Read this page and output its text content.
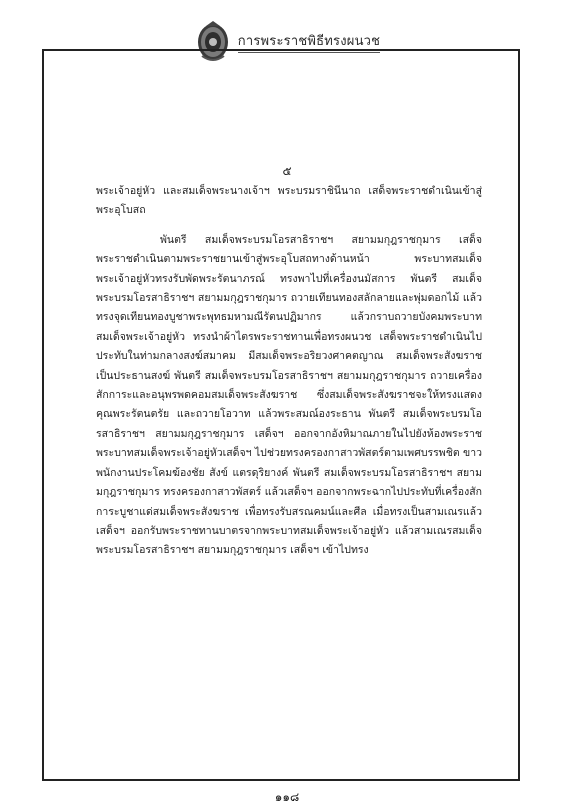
การพระราชพิธีทรงผนวช
๕

พระเจ้าอยู่หัว และสมเด็จพระนางเจ้าฯ พระบรมราชินีนาถ เสด็จพระราชดำเนินเข้าสู่พระอุโบสถ

พันตรี สมเด็จพระบรมโอรสาธิราชฯ สยามมกุฎราชกุมาร เสด็จพระราชดำเนินตามพระราชยานเข้าสู่พระอุโบสถทางด้านหน้า พระบาทสมเด็จพระเจ้าอยู่หัวทรงรับพัดพระรัตนาภรณ์ ทรงพาไปที่เครื่องนมัสการ พันตรี สมเด็จพระบรมโอรสาธิราชฯ สยามมกุฎราชกุมาร ถวายเทียนทองสลักลายและพุ่มดอกไม้ แล้วทรงจุดเทียนทองบูชาพระพุทธมหามณีรัตนปฏิมากร แล้วกราบถวายบังคมพระบาทสมเด็จพระเจ้าอยู่หัว ทรงนำผ้าไตรพระราชทานเพื่อทรงผนวช เสด็จพระราชดำเนินไปประทับในท่ามกลางสงฆ์สมาคม มีสมเด็จพระอริยวงศาคตญาณ สมเด็จพระสังฆราช เป็นประธานสงฆ์ พันตรี สมเด็จพระบรมโอรสาธิราชฯ สยามมกุฎราชกุมาร ถวายเครื่องสักการะและอนุพรพดคอมสมเด็จพระสังฆราช ซึ่งสมเด็จพระสังฆราชจะให้ทรงแสดงคุณพระรัตนตรัย และถวายโอวาท แล้วพระสมณ์องระธาน พันตรี สมเด็จพระบรมโอรสาธิราชฯ สยามมกุฎราชกุมาร เสด็จฯ ออกจากอังหิมาณภายในไปยังห้องพระราช พระบาทสมเด็จพระเจ้าอยู่หัวเสด็จฯ ไปช่วยทรงครองกาสาวพัสตร์ตามเพศบรรพชิต ขาวพนักงานประโคมฆ้องชัย สังข์ แตรดุริยางค์ พันตรี สมเด็จพระบรมโอรสาธิราชฯ สยามมกุฎราชกุมาร ทรงครองกาสาวพัสตร์ แล้วเสด็จฯ ออกจากพระฉากไปประทับที่เครื่องสักการะบูชาแด่สมเด็จพระสังฆราช เพื่อทรงรับสรณคมน์และศีล เมื่อทรงเป็นสามเณรแล้ว เสด็จฯ ออกรับพระราชทานบาตรจากพระบาทสมเด็จพระเจ้าอยู่หัว แล้วสามเณรสมเด็จพระบรมโอรสาธิราชฯ สยามมกุฎราชกุมาร เสด็จฯ เข้าไปทรง

๑๑๘
